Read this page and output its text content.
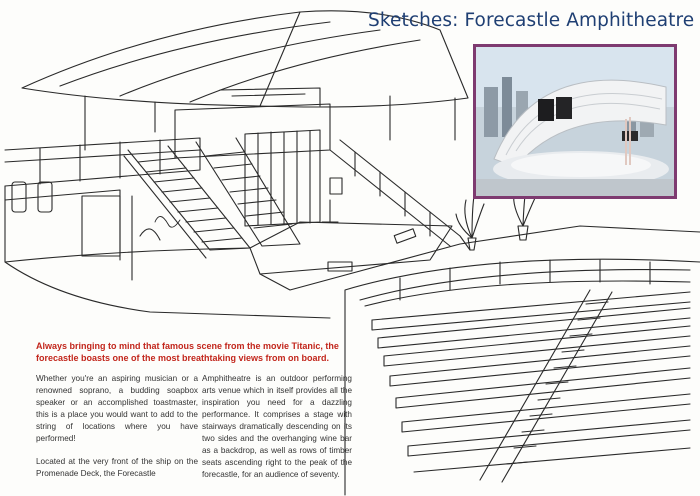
Sketches: Forecastle Amphitheatre
Always bringing to mind that famous scene from the movie Titanic, the forecastle boasts one of the most breathtaking views from on board.

Whether you're an aspiring musician or a renowned soprano, a budding soapbox speaker or an accomplished toastmaster, this is a place you would want to add to the string of locations where you have performed!

Located at the very front of the ship on the Promenade Deck, the Forecastle

Amphitheatre is an outdoor performing arts venue which in itself provides all the inspiration you need for a dazzling performance. It comprises a stage with stairways dramatically descending on its two sides and the overhanging wine bar as a backdrop, as well as rows of timber seats ascending right to the peak of the forecastle, for an audience of seventy.
